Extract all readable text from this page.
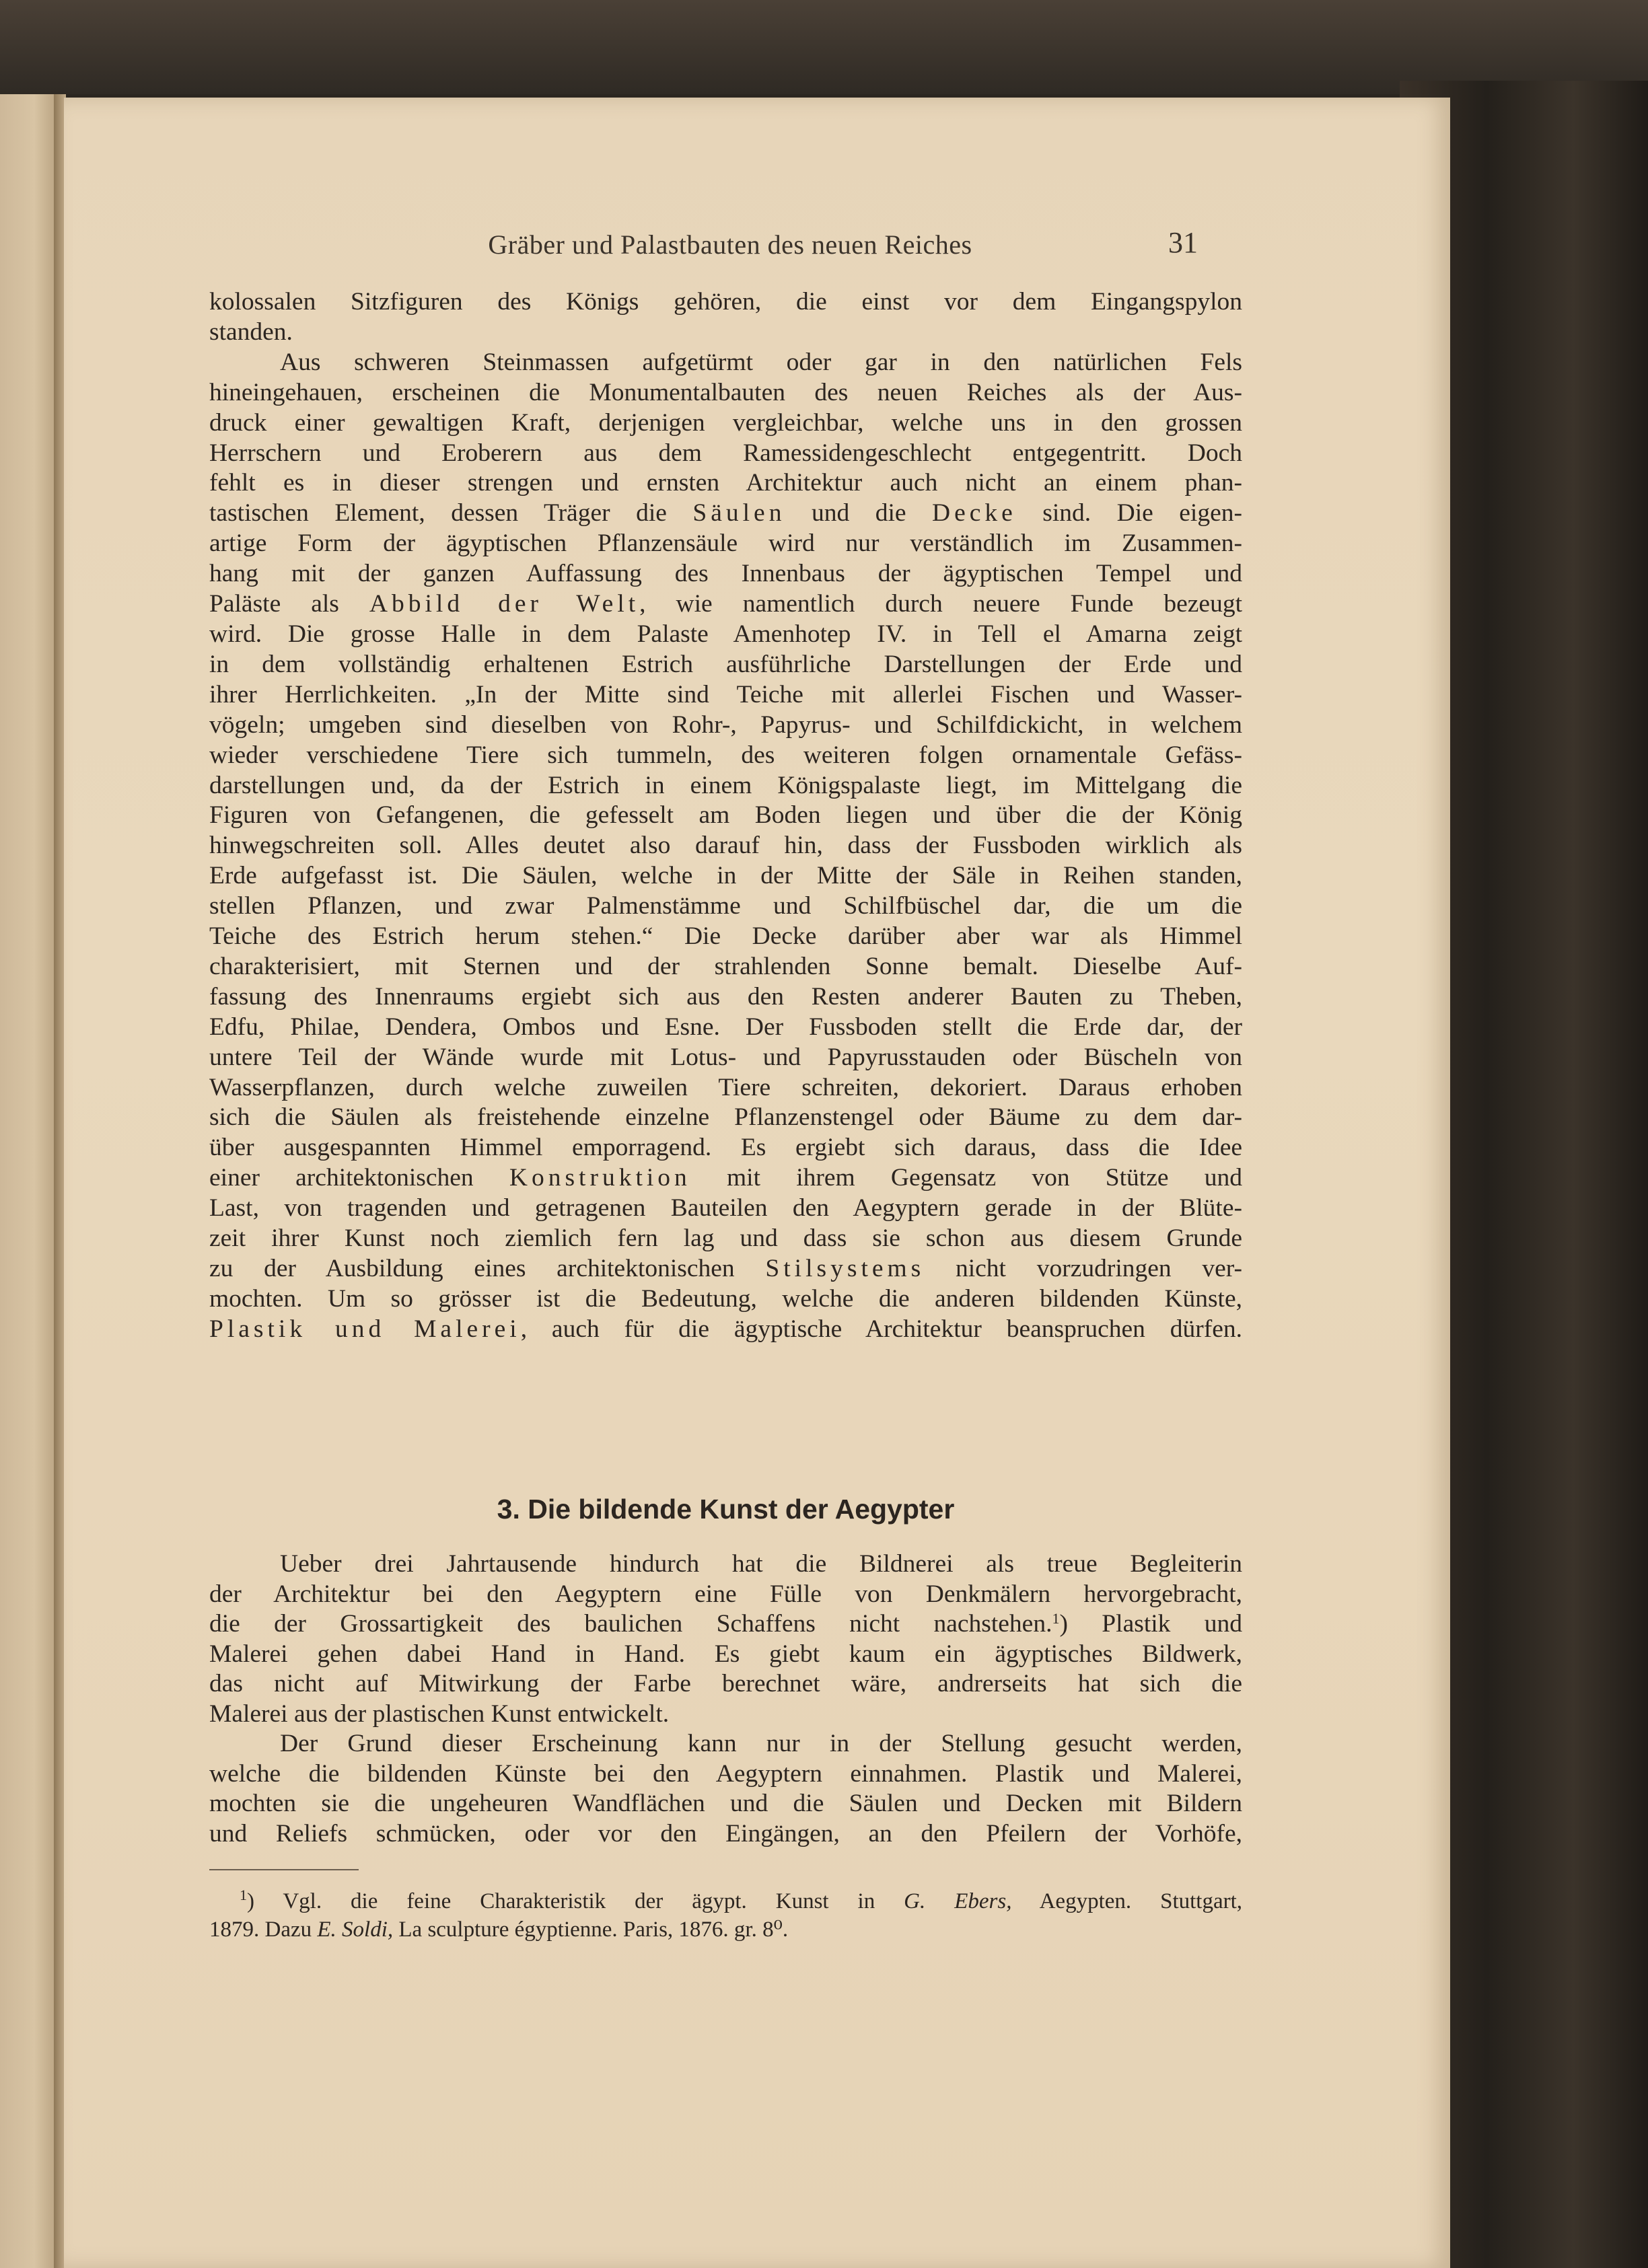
Gräber und Palastbauten des neuen Reiches	31
kolossalen Sitzfiguren des Königs gehören, die einst vor dem Eingangspylon
standen.
Aus schweren Steinmassen aufgetürmt oder gar in den natürlichen Fels
hineingehauen, erscheinen die Monumentalbauten des neuen Reiches als der Aus-
druck einer gewaltigen Kraft, derjenigen vergleichbar, welche uns in den grossen
Herrschern und Eroberern aus dem Ramessidengeschlecht entgegentritt. Doch
fehlt es in dieser strengen und ernsten Architektur auch nicht an einem phan-
tastischen Element, dessen Träger die Säulen und die Decke sind. Die eigen-
artige Form der ägyptischen Pflanzensäule wird nur verständlich im Zusammen-
hang mit der ganzen Auffassung des Innenbaus der ägyptischen Tempel und
Paläste als Abbild der Welt, wie namentlich durch neuere Funde bezeugt
wird. Die grosse Halle in dem Palaste Amenhotep IV. in Tell el Amarna zeigt
in dem vollständig erhaltenen Estrich ausführliche Darstellungen der Erde und
ihrer Herrlichkeiten. „In der Mitte sind Teiche mit allerlei Fischen und Wasser-
vögeln; umgeben sind dieselben von Rohr-, Papyrus- und Schilfdickicht, in welchem
wieder verschiedene Tiere sich tummeln, des weiteren folgen ornamentale Gefäss-
darstellungen und, da der Estrich in einem Königspalaste liegt, im Mittelgang die
Figuren von Gefangenen, die gefesselt am Boden liegen und über die der König
hinwegschreiten soll. Alles deutet also darauf hin, dass der Fussboden wirklich als
Erde aufgefasst ist. Die Säulen, welche in der Mitte der Säle in Reihen standen,
stellen Pflanzen, und zwar Palmenstämme und Schilfbüschel dar, die um die
Teiche des Estrich herum stehen.“ Die Decke darüber aber war als Himmel
charakterisiert, mit Sternen und der strahlenden Sonne bemalt. Dieselbe Auf-
fassung des Innenraums ergiebt sich aus den Resten anderer Bauten zu Theben,
Edfu, Philae, Dendera, Ombos und Esne. Der Fussboden stellt die Erde dar, der
untere Teil der Wände wurde mit Lotus- und Papyrusstauden oder Büscheln von
Wasserpflanzen, durch welche zuweilen Tiere schreiten, dekoriert. Daraus erhoben
sich die Säulen als freistehende einzelne Pflanzenstengel oder Bäume zu dem dar-
über ausgespannten Himmel emporragend. Es ergiebt sich daraus, dass die Idee
einer architektonischen Konstruktion mit ihrem Gegensatz von Stütze und
Last, von tragenden und getragenen Bauteilen den Aegyptern gerade in der Blüte-
zeit ihrer Kunst noch ziemlich fern lag und dass sie schon aus diesem Grunde
zu der Ausbildung eines architektonischen Stilsystems nicht vorzudringen ver-
mochten. Um so grösser ist die Bedeutung, welche die anderen bildenden Künste,
Plastik und Malerei, auch für die ägyptische Architektur beanspruchen dürfen.
3. Die bildende Kunst der Aegypter
Ueber drei Jahrtausende hindurch hat die Bildnerei als treue Begleiterin
der Architektur bei den Aegyptern eine Fülle von Denkmälern hervorgebracht,
die der Grossartigkeit des baulichen Schaffens nicht nachstehen.$^1$) Plastik und
Malerei gehen dabei Hand in Hand. Es giebt kaum ein ägyptisches Bildwerk,
das nicht auf Mitwirkung der Farbe berechnet wäre, andrerseits hat sich die
Malerei aus der plastischen Kunst entwickelt.
Der Grund dieser Erscheinung kann nur in der Stellung gesucht werden,
welche die bildenden Künste bei den Aegyptern einnahmen. Plastik und Malerei,
mochten sie die ungeheuren Wandflächen und die Säulen und Decken mit Bildern
und Reliefs schmücken, oder vor den Eingängen, an den Pfeilern der Vorhöfe,
$^1$) Vgl. die feine Charakteristik der ägypt. Kunst in G. Ebers, Aegypten. Stuttgart,
1879. Dazu E. Soldi, La sculpture égyptienne. Paris, 1876. gr. 8⁰.
